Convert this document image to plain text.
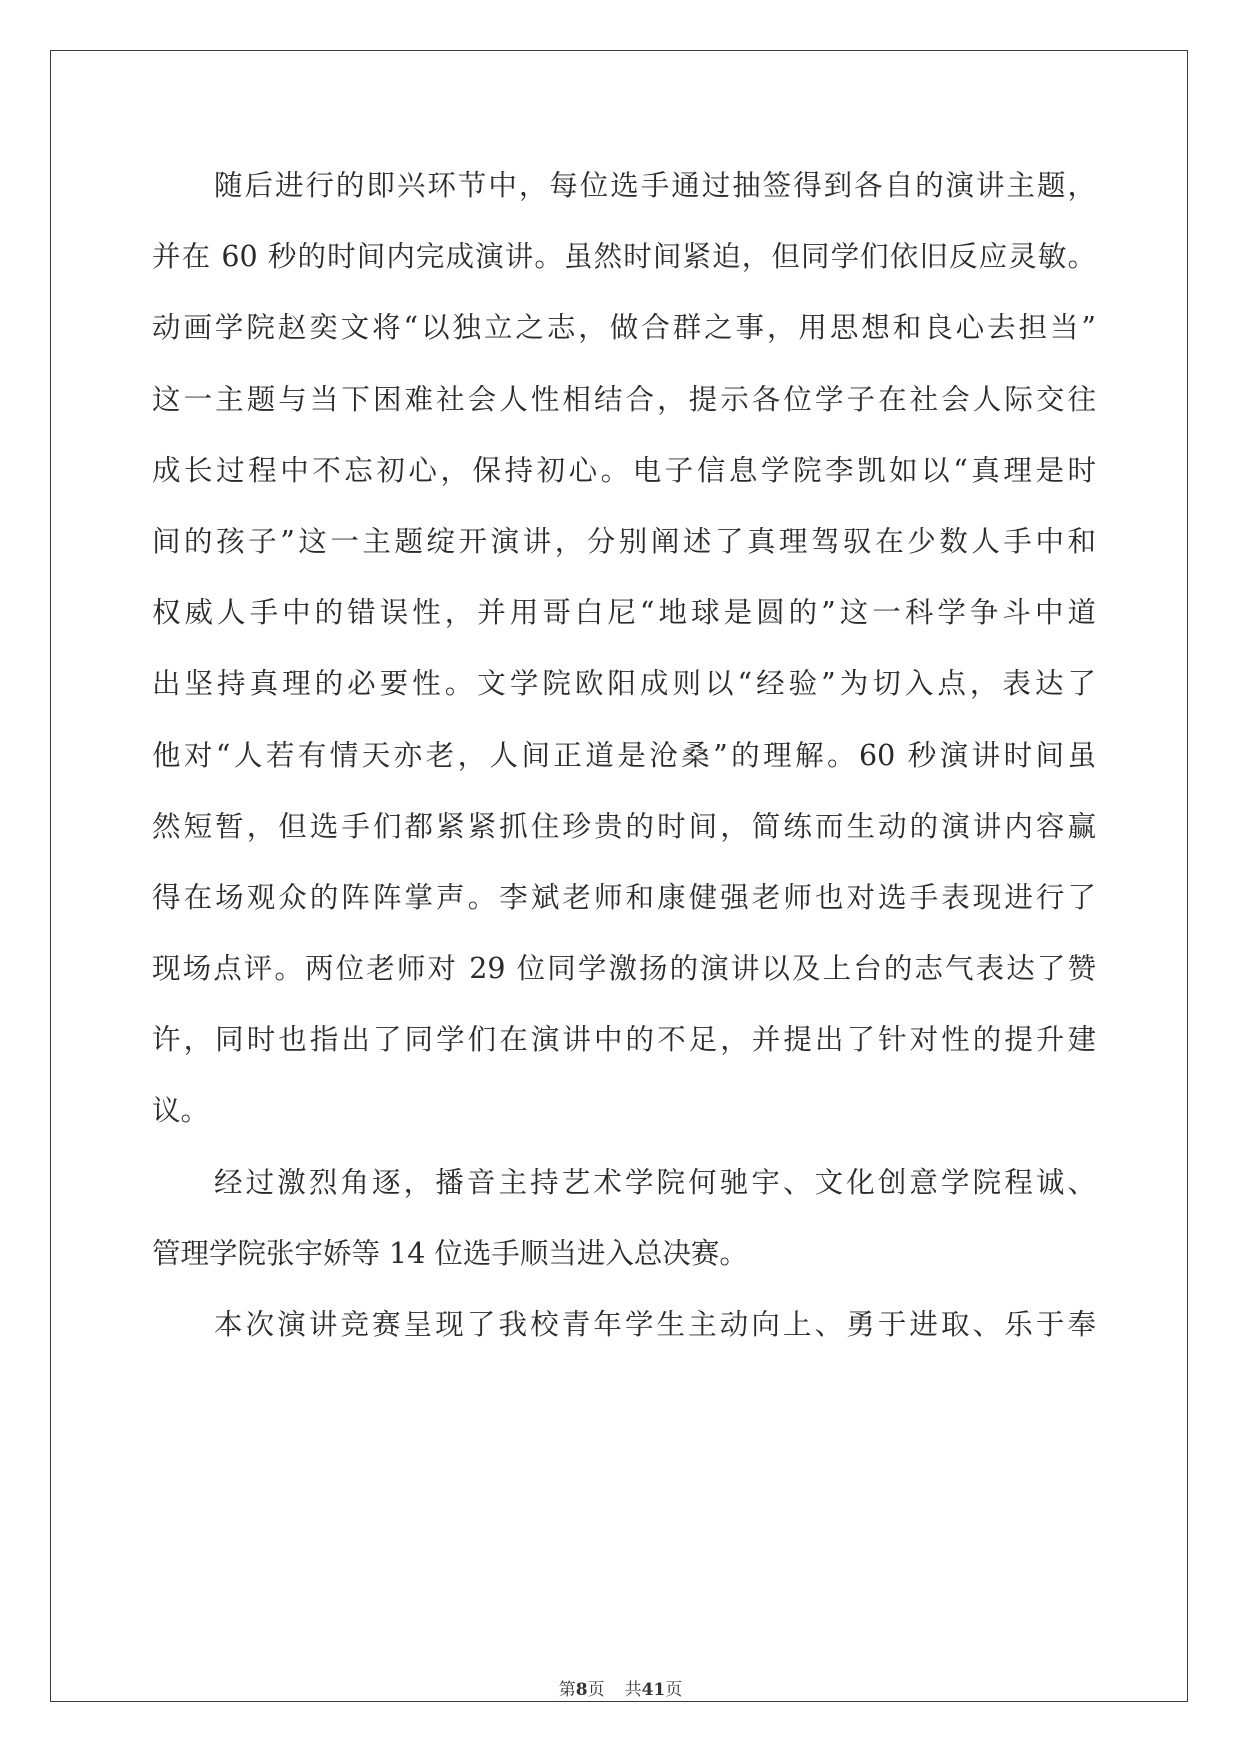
随后进行的即兴环节中，每位选手通过抽签得到各自的演讲主题，
并在 60 秒的时间内完成演讲。虽然时间紧迫，但同学们依旧反应灵敏。
动画学院赵奕文将“以独立之志，做合群之事，用思想和良心去担当”
这一主题与当下困难社会人性相结合，提示各位学子在社会人际交往
成长过程中不忘初心，保持初心。电子信息学院李凯如以“真理是时
间的孩子”这一主题绽开演讲，分别阐述了真理驾驭在少数人手中和
权威人手中的错误性，并用哥白尼“地球是圆的”这一科学争斗中道
出坚持真理的必要性。文学院欧阳成则以“经验”为切入点，表达了
他对“人若有情天亦老，人间正道是沧桑”的理解。60 秒演讲时间虽
然短暂，但选手们都紧紧抓住珍贵的时间，简练而生动的演讲内容赢
得在场观众的阵阵掌声。李斌老师和康健强老师也对选手表现进行了
现场点评。两位老师对 29 位同学激扬的演讲以及上台的志气表达了赞
许，同时也指出了同学们在演讲中的不足，并提出了针对性的提升建
议。
经过激烈角逐，播音主持艺术学院何驰宇、文化创意学院程诚、
管理学院张宇娇等 14 位选手顺当进入总决赛。
本次演讲竞赛呈现了我校青年学生主动向上、勇于进取、乐于奉
第8页 共41页
